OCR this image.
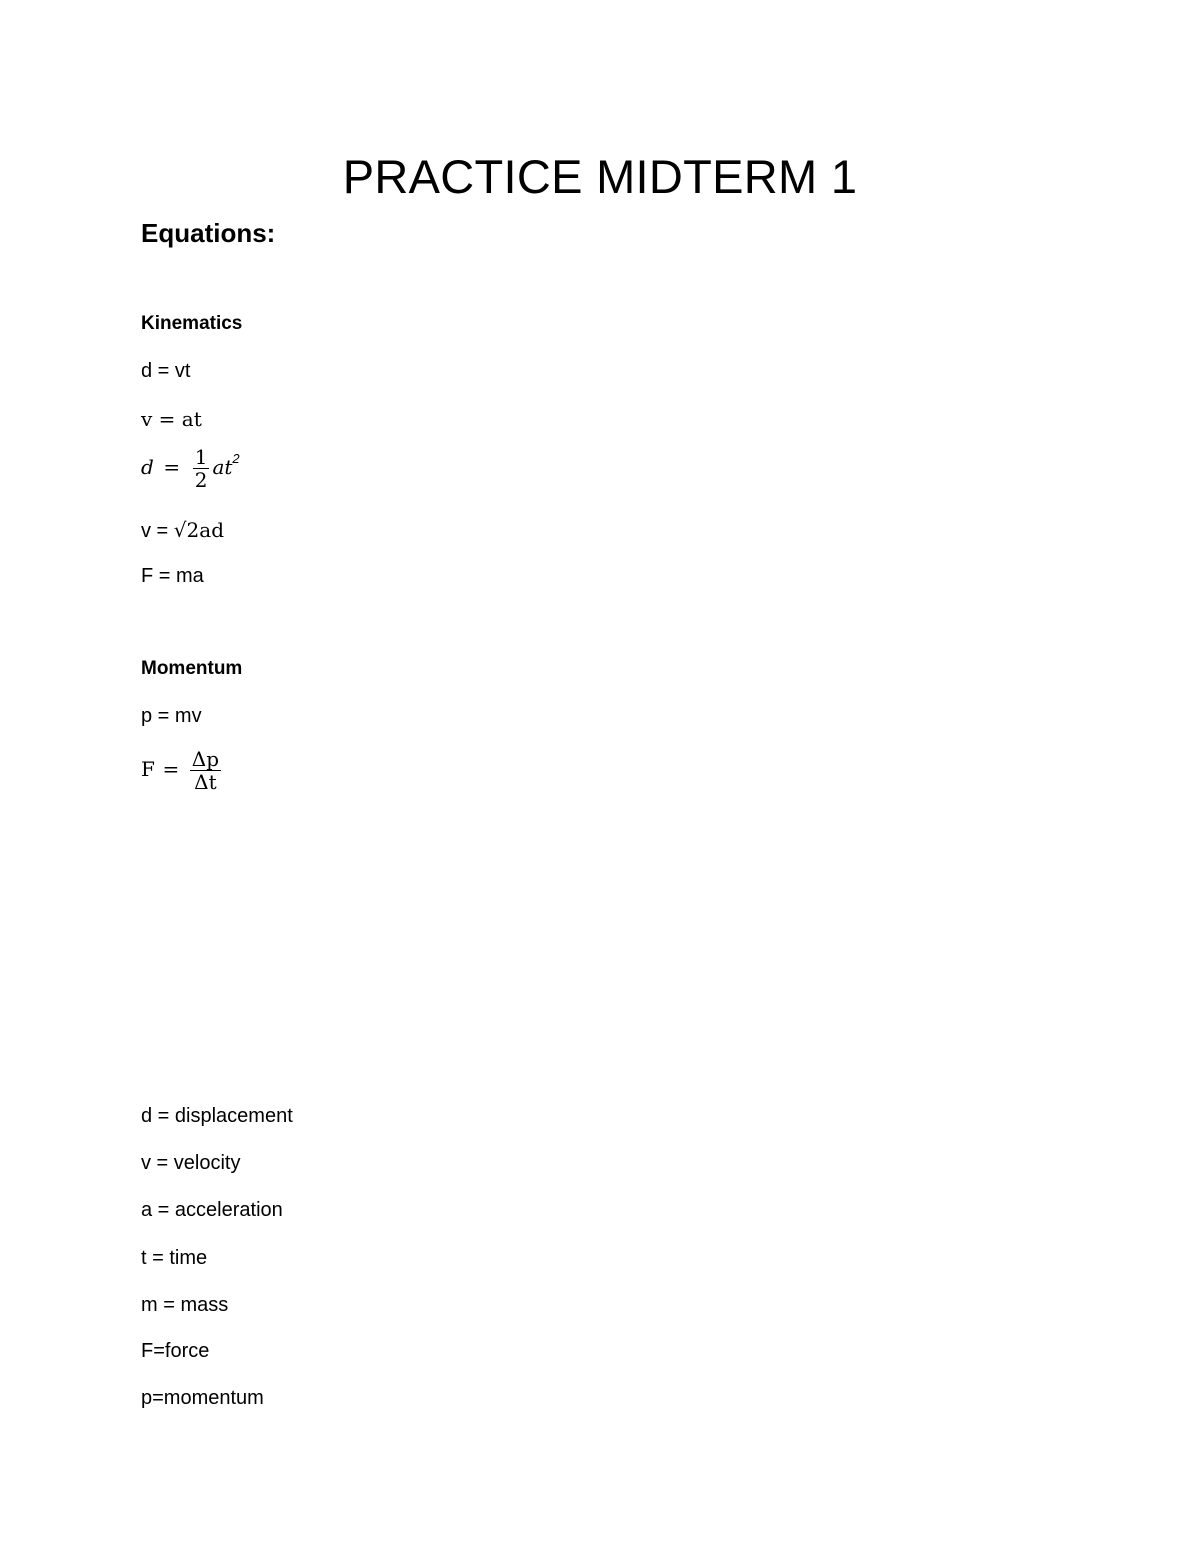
PRACTICE MIDTERM 1
Equations:
Kinematics
d = vt
v = at
$d = \frac{1}{2} at^2$
v = √2ad
F = ma
Momentum
p = mv
$F = \frac{\Delta p}{\Delta t}$
d = displacement
v = velocity
a = acceleration
t = time
m = mass
F=force
p=momentum
